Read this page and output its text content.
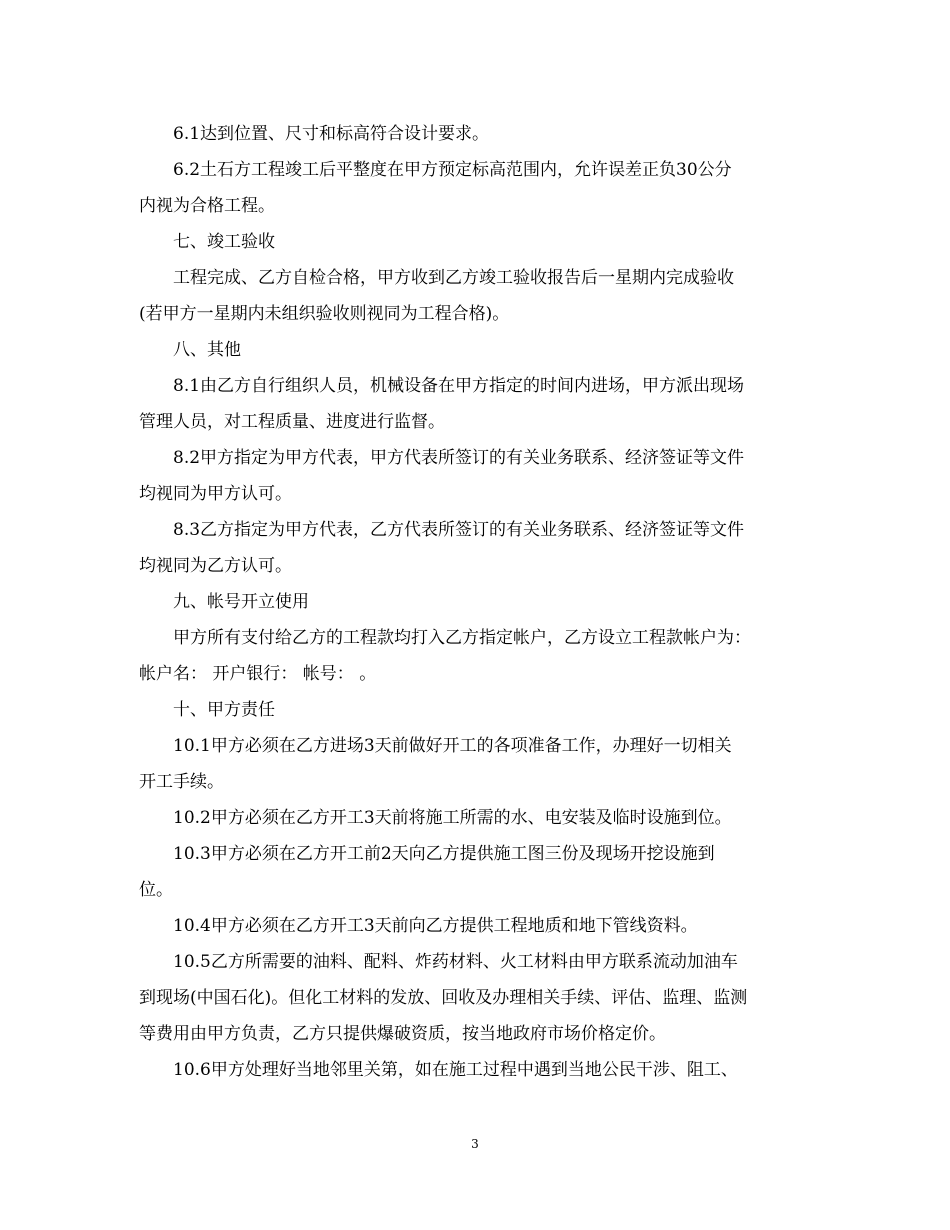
6.1达到位置、尺寸和标高符合设计要求。
6.2土石方工程竣工后平整度在甲方预定标高范围内，允许误差正负30公分
内视为合格工程。
七、竣工验收
工程完成、乙方自检合格，甲方收到乙方竣工验收报告后一星期内完成验收
(若甲方一星期内未组织验收则视同为工程合格)。
八、其他
8.1由乙方自行组织人员，机械设备在甲方指定的时间内进场，甲方派出现场
管理人员，对工程质量、进度进行监督。
8.2甲方指定为甲方代表，甲方代表所签订的有关业务联系、经济签证等文件
均视同为甲方认可。
8.3乙方指定为甲方代表，乙方代表所签订的有关业务联系、经济签证等文件
均视同为乙方认可。
九、帐号开立使用
甲方所有支付给乙方的工程款均打入乙方指定帐户，乙方设立工程款帐户为：
帐户名： 开户银行： 帐号： 。
十、甲方责任
10.1甲方必须在乙方进场3天前做好开工的各项准备工作，办理好一切相关
开工手续。
10.2甲方必须在乙方开工3天前将施工所需的水、电安装及临时设施到位。
10.3甲方必须在乙方开工前2天向乙方提供施工图三份及现场开挖设施到
位。
10.4甲方必须在乙方开工3天前向乙方提供工程地质和地下管线资料。
10.5乙方所需要的油料、配料、炸药材料、火工材料由甲方联系流动加油车
到现场(中国石化)。但化工材料的发放、回收及办理相关手续、评估、监理、监测
等费用由甲方负责，乙方只提供爆破资质，按当地政府市场价格定价。
10.6甲方处理好当地邻里关第，如在施工过程中遇到当地公民干涉、阻工、
3
